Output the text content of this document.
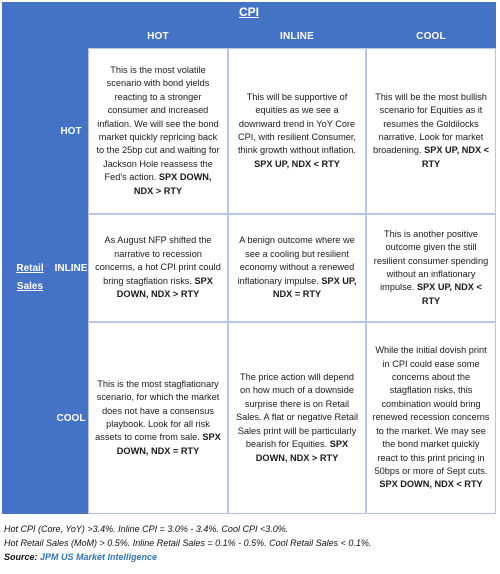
CPI
HOT	INLINE	COOL
Retail
Sales
HOT
INLINE
COOL

This is the most volatile scenario with bond yields reacting to a stronger consumer and increased inflation. We will see the bond market quickly repricing back to the 25bp cut and waiting for Jackson Hole reassess the Fed's action. SPX DOWN, NDX > RTY

This will be supportive of equities as we see a downward trend in YoY Core CPI, with resilient Consumer, think growth without inflation. SPX UP, NDX < RTY

This will be the most bullish scenario for Equities as it resumes the Goldilocks narrative. Look for market broadening. SPX UP, NDX < RTY

As August NFP shifted the narrative to recession concerns, a hot CPI print could bring stagflation risks. SPX DOWN, NDX > RTY

A benign outcome where we see a cooling but resilient economy without a renewed inflationary impulse. SPX UP, NDX = RTY

This is another positive outcome given the still resilient consumer spending without an inflationary impulse. SPX UP, NDX < RTY

This is the most stagflationary scenario, for which the market does not have a consensus playbook. Look for all risk assets to come from sale. SPX DOWN, NDX = RTY

The price action will depend on how much of a downside surprise there is on Retail Sales. A flat or negative Retail Sales print will be particularly bearish for Equities. SPX DOWN, NDX > RTY

While the initial dovish print in CPI could ease some concerns about the stagflation risks, this combination would bring renewed recession concerns to the market. We may see the bond market quickly react to this print pricing in 50bps or more of Sept cuts. SPX DOWN, NDX < RTY

Hot CPI (Core, YoY) >3.4%. Inline CPI = 3.0% - 3.4%. Cool CPI <3.0%.
Hot Retail Sales (MoM) > 0.5%. Inline Retail Sales = 0.1% - 0.5%. Cool Retail Sales < 0.1%.
Source: JPM US Market Intelligence
